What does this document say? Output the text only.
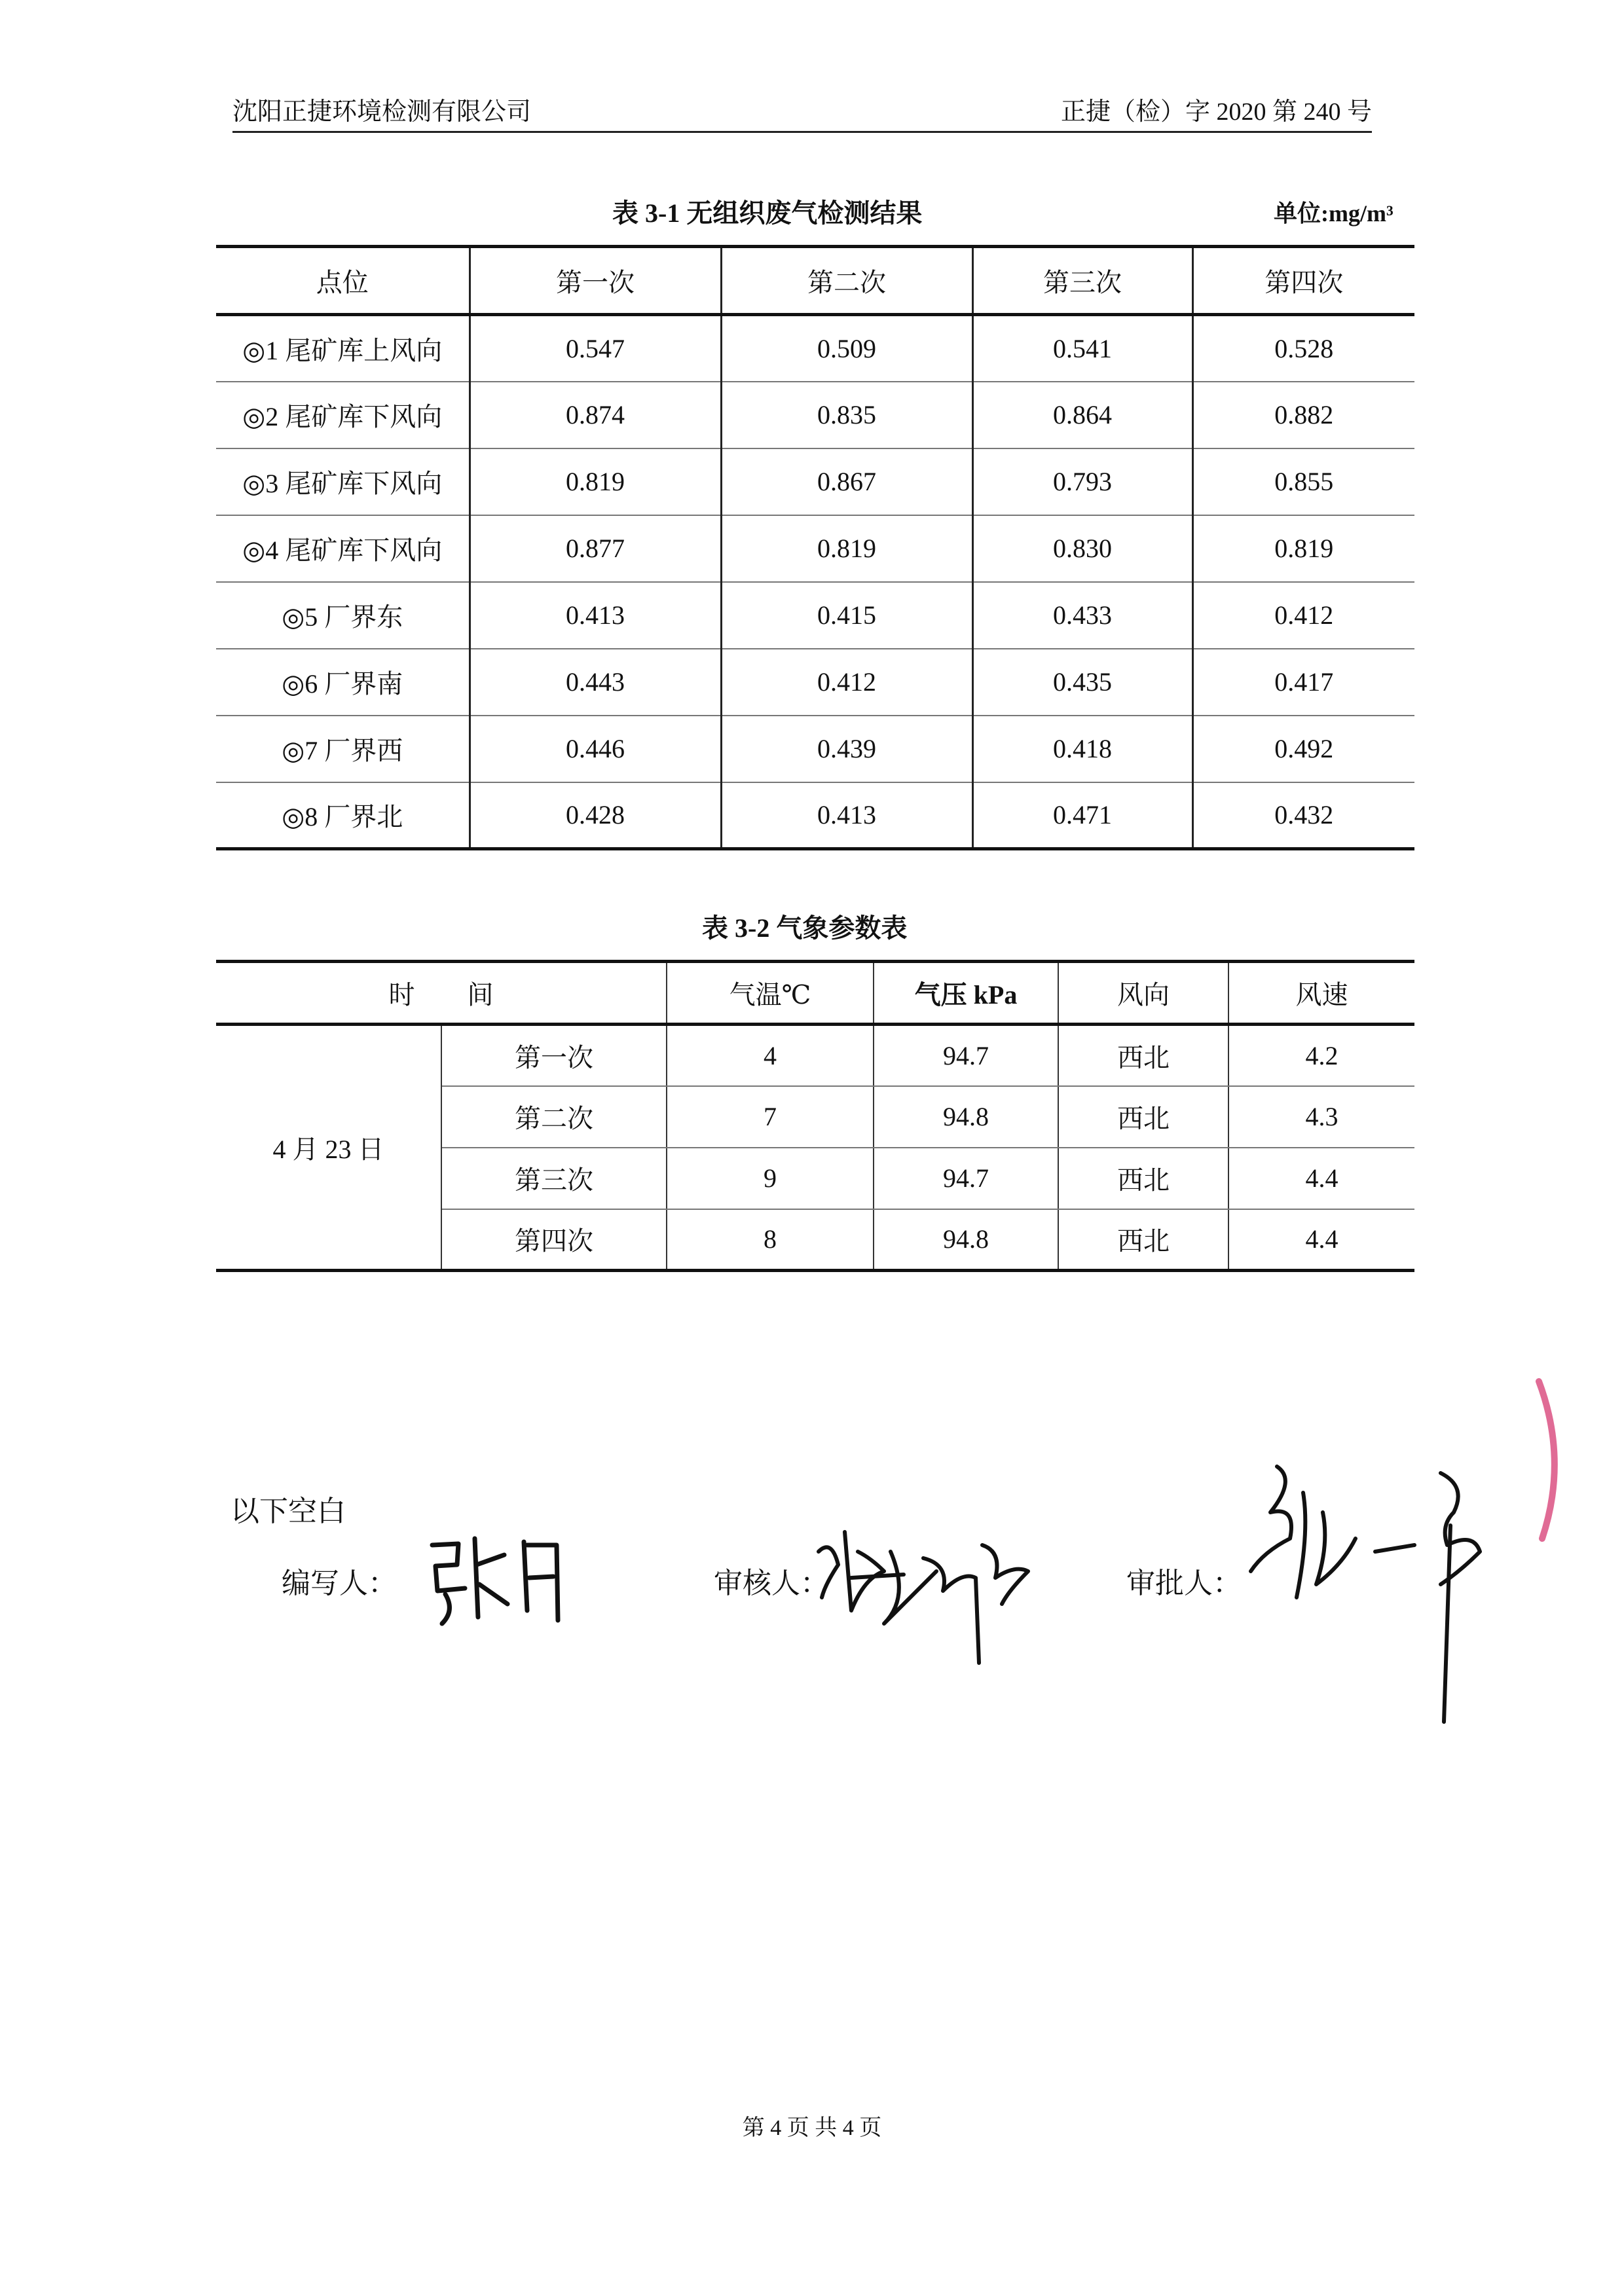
沈阳正捷环境检测有限公司	正捷（检）字 2020 第 240 号
表 3-1 无组织废气检测结果	单位:mg/m³
点位	第一次	第二次	第三次	第四次
◎1 尾矿库上风向	0.547	0.509	0.541	0.528
◎2 尾矿库下风向	0.874	0.835	0.864	0.882
◎3 尾矿库下风向	0.819	0.867	0.793	0.855
◎4 尾矿库下风向	0.877	0.819	0.830	0.819
◎5 厂界东	0.413	0.415	0.433	0.412
◎6 厂界南	0.443	0.412	0.435	0.417
◎7 厂界西	0.446	0.439	0.418	0.492
◎8 厂界北	0.428	0.413	0.471	0.432
表 3-2 气象参数表
时　　间		气温℃	气压 kPa	风向	风速
4 月 23 日	第一次	4	94.7	西北	4.2
	第二次	7	94.8	西北	4.3
	第三次	9	94.7	西北	4.4
	第四次	8	94.8	西北	4.4
以下空白
编写人：	审核人：	审批人：
第 4 页 共 4 页
